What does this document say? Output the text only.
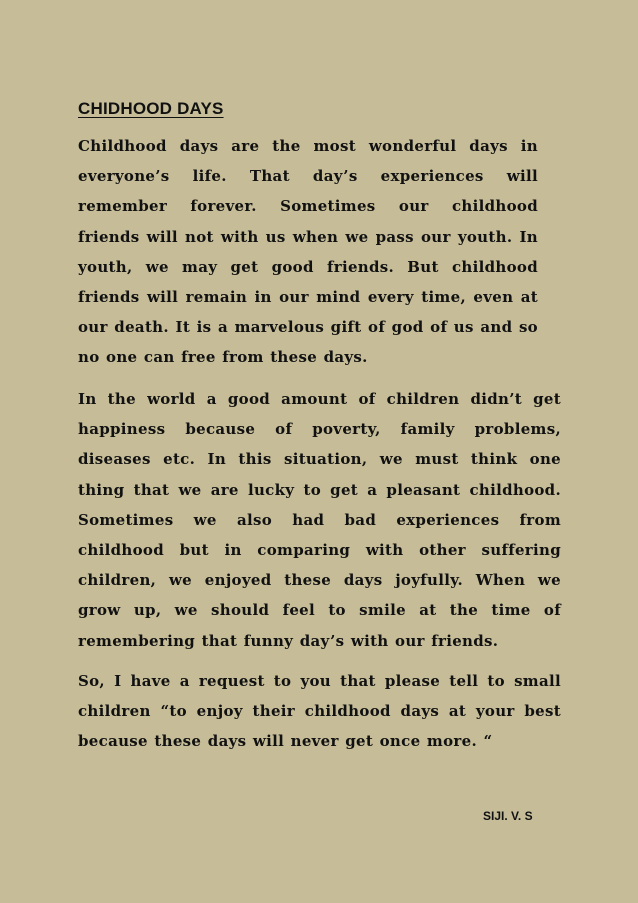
CHIDHOOD DAYS

Childhood days are the most wonderful days in everyone’s life. That day’s experiences will remember forever. Sometimes our childhood friends will not with us when we pass our youth. In youth, we may get good friends. But childhood friends will remain in our mind every time, even at our death. It is a marvelous gift of god of us and so no one can free from these days.

In the world a good amount of children didn’t get happiness because of poverty, family problems, diseases etc. In this situation, we must think one thing that we are lucky to get a pleasant childhood. Sometimes we also had bad experiences from childhood but in comparing with other suffering children, we enjoyed these days joyfully. When we grow up, we should feel to smile at the time of remembering that funny day’s with our friends.

So, I have a request to you that please tell to small children “to enjoy their childhood days at your best because these days will never get once more. “

SIJI. V. S
